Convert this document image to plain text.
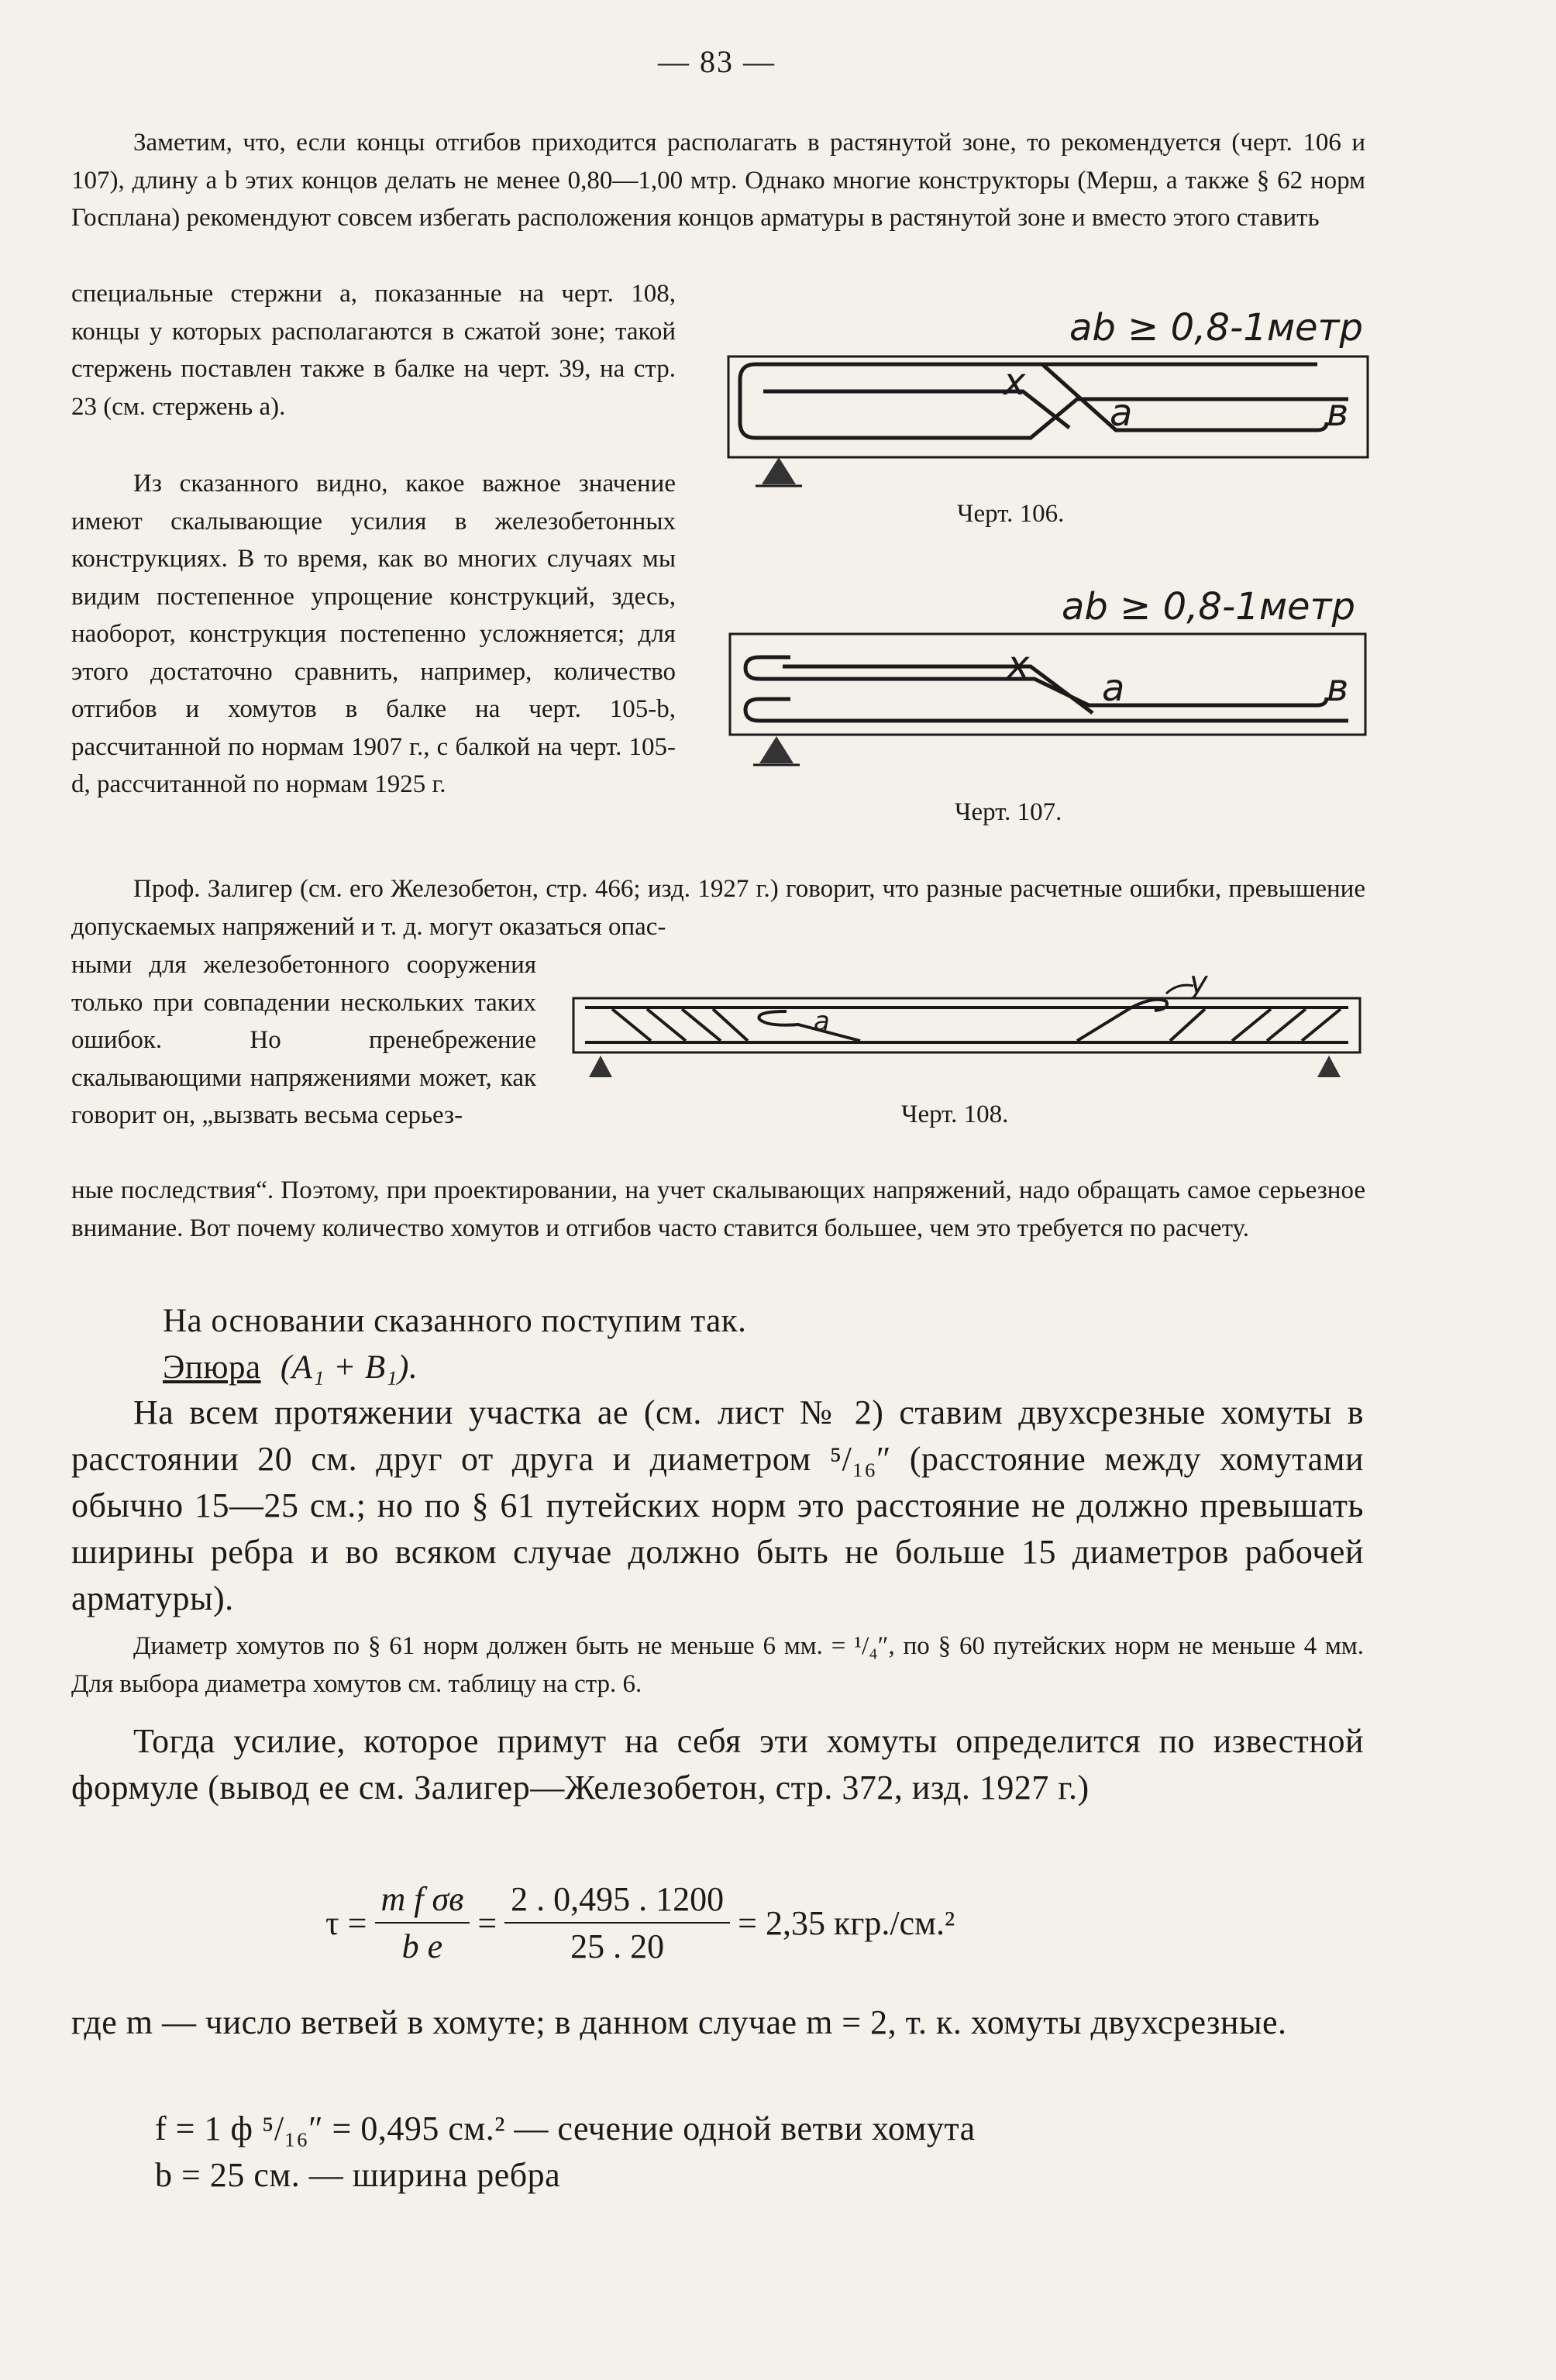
— 83 —
Заметим, что, если концы отгибов приходится располагать в растянутой зоне, то рекомендуется (черт. 106 и 107), длину a b этих концов делать не менее 0,80—1,00 мтр. Однако многие конструкторы (Мерш, а также § 62 норм Госплана) рекомендуют совсем избегать расположения концов арматуры в растянутой зоне и вместо этого ставить
специальные стержни a, показанные на черт. 108, концы y которых располагаются в сжатой зоне; такой стержень поставлен также в балке на черт. 39, на стр. 23 (см. стержень a).
Из сказанного видно, какое важное значение имеют скалывающие усилия в железобетонных конструкциях. В то время, как во многих случаях мы видим постепенное упрощение конструкций, здесь, наоборот, конструкция постепенно усложняется; для этого достаточно сравнить, например, количество отгибов и хомутов в балке на черт. 105-b, рассчитанной по нормам 1907 г., с балкой на черт. 105-d, рассчитанной по нормам 1925 г.
ab ≥ 0,8-1метр
x
a	в
Черт. 106.
ab ≥ 0,8-1метр
x
a	в
Черт. 107.
Проф. Залигер (см. его Железобетон, стр. 466; изд. 1927 г.) говорит, что разные расчетные ошибки, превышение допускаемых напряжений и т. д. могут оказаться опас-
ными для железобетонного сооружения только при совпадении нескольких таких ошибок. Но пренебрежение скалывающими напряжениями может, как говорит он, „вызвать весьма серьез-
a
y
Черт. 108.
ные последствия“. Поэтому, при проектировании, на учет скалывающих напряжений, надо обращать самое серьезное внимание. Вот почему количество хомутов и отгибов часто ставится большее, чем это требуется по расчету.
На основании сказанного поступим так.
Эпюра (A₁ + B₁).
На всем протяжении участка ae (см. лист № 2) ставим двухсрезные хомуты в расстоянии 20 см. друг от друга и диаметром ⁵/₁₆″ (расстояние между хомутами обычно 15—25 см.; но по § 61 путейских норм это расстояние не должно превышать ширины ребра и во всяком случае должно быть не больше 15 диаметров рабочей арматуры).
Диаметр хомутов по § 61 норм должен быть не меньше 6 мм. = ¹/₄″, по § 60 путейских норм не меньше 4 мм. Для выбора диаметра хомутов см. таблицу на стр. 6.
Тогда усилие, которое примут на себя эти хомуты определится по известной формуле (вывод ее см. Залигер—Железобетон, стр. 372, изд. 1927 г.)
$\tau = \frac{\text{m f σв}}{\text{b e}} = \frac{2 . 0,495 . 1200}{25 . 20} = 2,35$ кгр./см.²
где m — число ветвей в хомуте; в данном случае m = 2, т. к. хомуты двухсрезные.
f = 1 ф ⁵/₁₆″ = 0,495 см.² — сечение одной ветви хомута
b = 25 см. — ширина ребра
